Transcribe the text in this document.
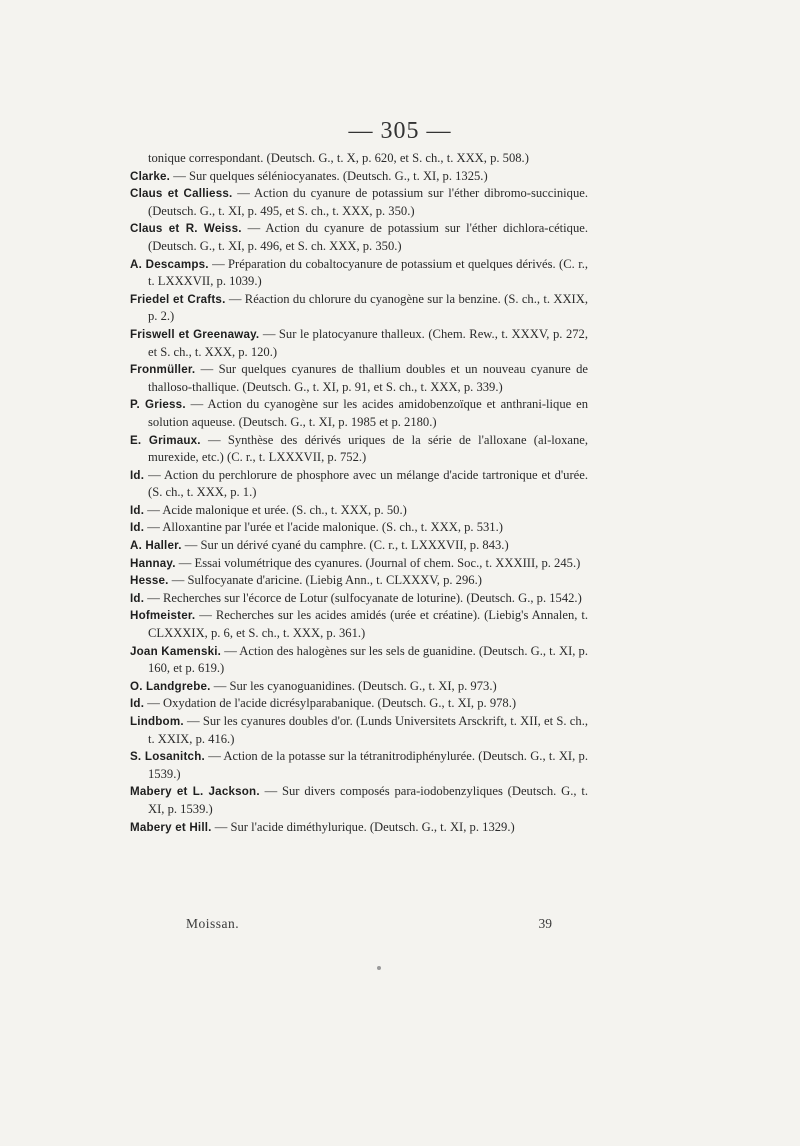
— 305 —
tonique correspondant. (Deutsch. G., t. X, p. 620, et S. ch., t. XXX, p. 508.)
Clarke. — Sur quelques séléniocyanates. (Deutsch. G., t. XI, p. 1325.)
Claus et Calliess. — Action du cyanure de potassium sur l'éther dibromo-succinique. (Deutsch. G., t. XI, p. 495, et S. ch., t. XXX, p. 350.)
Claus et R. Weiss. — Action du cyanure de potassium sur l'éther dichlora-cétique. (Deutsch. G., t. XI, p. 496, et S. ch. XXX, p. 350.)
A. Descamps. — Préparation du cobaltocyanure de potassium et quelques dérivés. (C. r., t. LXXXVII, p. 1039.)
Friedel et Crafts. — Réaction du chlorure du cyanogène sur la benzine. (S. ch., t. XXIX, p. 2.)
Friswell et Greenaway. — Sur le platocyanure thalleux. (Chem. Rew., t. XXXV, p. 272, et S. ch., t. XXX, p. 120.)
Fronmüller. — Sur quelques cyanures de thallium doubles et un nouveau cyanure de thalloso-thallique. (Deutsch. G., t. XI, p. 91, et S. ch., t. XXX, p. 339.)
P. Griess. — Action du cyanogène sur les acides amidobenzoïque et anthrani-lique en solution aqueuse. (Deutsch. G., t. XI, p. 1985 et p. 2180.)
E. Grimaux. — Synthèse des dérivés uriques de la série de l'alloxane (al-loxane, murexide, etc.) (C. r., t. LXXXVII, p. 752.)
Id. — Action du perchlorure de phosphore avec un mélange d'acide tartronique et d'urée. (S. ch., t. XXX, p. 1.)
Id. — Acide malonique et urée. (S. ch., t. XXX, p. 50.)
Id. — Alloxantine par l'urée et l'acide malonique. (S. ch., t. XXX, p. 531.)
A. Haller. — Sur un dérivé cyané du camphre. (C. r., t. LXXXVII, p. 843.)
Hannay. — Essai volumétrique des cyanures. (Journal of chem. Soc., t. XXXIII, p. 245.)
Hesse. — Sulfocyanate d'aricine. (Liebig Ann., t. CLXXXV, p. 296.)
Id. — Recherches sur l'écorce de Lotur (sulfocyanate de loturine). (Deutsch. G., p. 1542.)
Hofmeister. — Recherches sur les acides amidés (urée et créatine). (Liebig's Annalen, t. CLXXXIX, p. 6, et S. ch., t. XXX, p. 361.)
Joan Kamenski. — Action des halogènes sur les sels de guanidine. (Deutsch. G., t. XI, p. 160, et p. 619.)
O. Landgrebe. — Sur les cyanoguanidines. (Deutsch. G., t. XI, p. 973.)
Id. — Oxydation de l'acide dicrésylparabanique. (Deutsch. G., t. XI, p. 978.)
Lindbom. — Sur les cyanures doubles d'or. (Lunds Universitets Arsckrift, t. XII, et S. ch., t. XXIX, p. 416.)
S. Losanitch. — Action de la potasse sur la tétranitrodiphénylurée. (Deutsch. G., t. XI, p. 1539.)
Mabery et L. Jackson. — Sur divers composés para-iodobenzyliques (Deutsch. G., t. XI, p. 1539.)
Mabery et Hill. — Sur l'acide diméthylurique. (Deutsch. G., t. XI, p. 1329.)
Moissan.	39
